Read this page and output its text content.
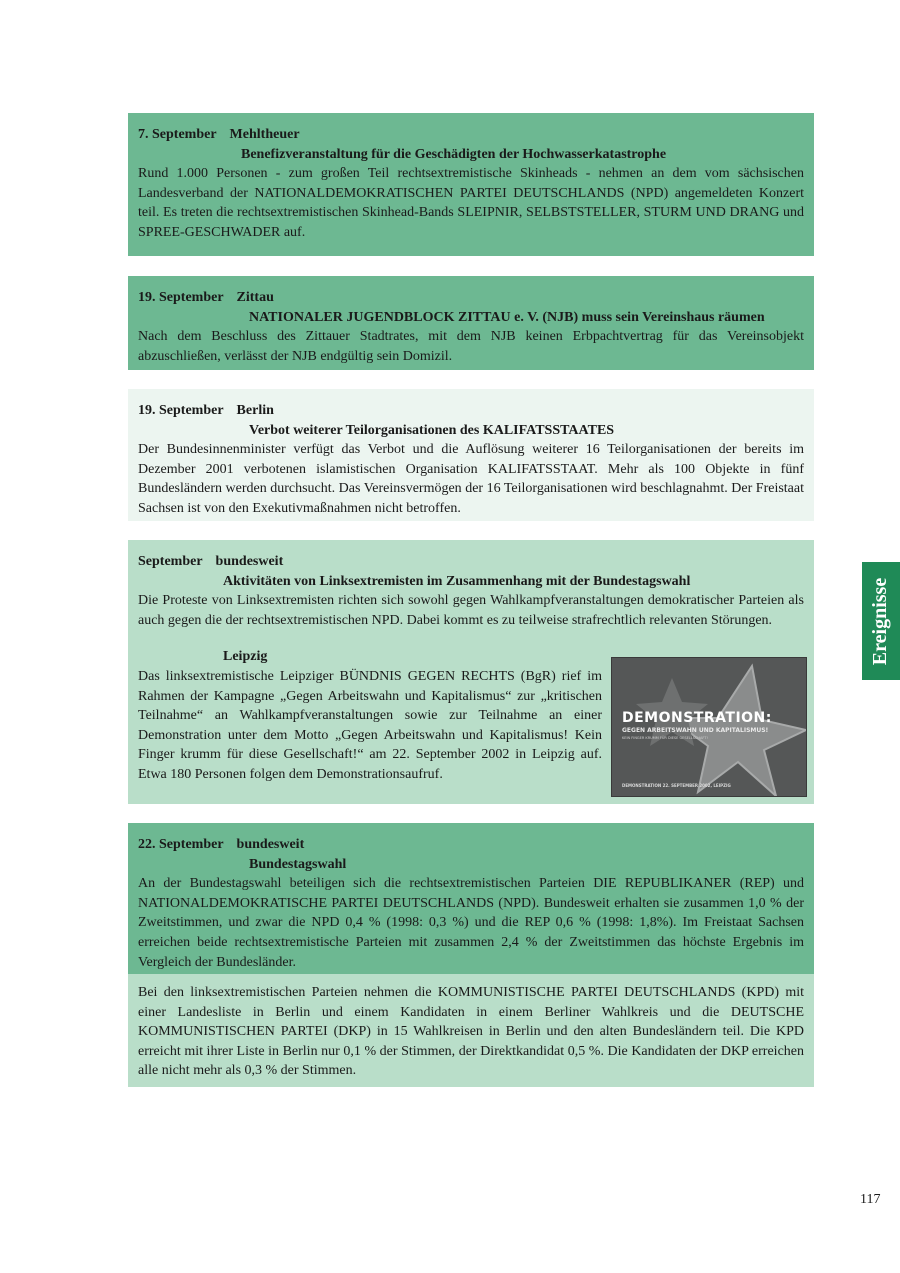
7. September Mehltheuer
Benefizveranstaltung für die Geschädigten der Hochwasserkatastrophe

Rund 1.000 Personen - zum großen Teil rechtsextremistische Skinheads - nehmen an dem vom sächsischen Landesverband der NATIONALDEMOKRATISCHEN PARTEI DEUTSCHLANDS (NPD) angemeldeten Konzert teil. Es treten die rechtsextremistischen Skinhead-Bands SLEIPNIR, SELBSTSTELLER, STURM UND DRANG und SPREE-GESCHWADER auf.

19. September Zittau
NATIONALER JUGENDBLOCK ZITTAU e. V. (NJB) muss sein Vereinshaus räumen

Nach dem Beschluss des Zittauer Stadtrates, mit dem NJB keinen Erbpachtvertrag für das Vereinsobjekt abzuschließen, verlässt der NJB endgültig sein Domizil.

19. September Berlin
Verbot weiterer Teilorganisationen des KALIFATSSTAATES

Der Bundesinnenminister verfügt das Verbot und die Auflösung weiterer 16 Teilorganisationen der bereits im Dezember 2001 verbotenen islamistischen Organisation KALIFATSSTAAT. Mehr als 100 Objekte in fünf Bundesländern werden durchsucht. Das Vereinsvermögen der 16 Teilorganisationen wird beschlagnahmt. Der Freistaat Sachsen ist von den Exekutivmaßnahmen nicht betroffen.

September bundesweit
Aktivitäten von Linksextremisten im Zusammenhang mit der Bundestagswahl

Die Proteste von Linksextremisten richten sich sowohl gegen Wahlkampfveranstaltungen demokratischer Parteien als auch gegen die der rechtsextremistischen NPD. Dabei kommt es zu teilweise strafrechtlich relevanten Störungen.

Leipzig

Das linksextremistische Leipziger BÜNDNIS GEGEN RECHTS (BgR) rief im Rahmen der Kampagne „Gegen Arbeitswahn und Kapitalismus“ zur „kritischen Teilnahme“ an Wahlkampfveranstaltungen sowie zur Teilnahme an einer Demonstration unter dem Motto „Gegen Arbeitswahn und Kapitalismus! Kein Finger krumm für diese Gesellschaft!“ am 22. September 2002 in Leipzig auf. Etwa 180 Personen folgen dem Demonstrationsaufruf.

DEMONSTRATION:
GEGEN ARBEITSWAHN UND KAPITALISMUS!
KEIN FINGER KRUMM FÜR DIESE GESELLSCHAFT!
DEMONSTRATION 22. SEPTEMBER 2002, LEIPZIG
22. September bundesweit
Bundestagswahl

An der Bundestagswahl beteiligen sich die rechtsextremistischen Parteien DIE REPUBLIKANER (REP) und NATIONALDEMOKRATISCHE PARTEI DEUTSCHLANDS (NPD). Bundesweit erhalten sie zusammen 1,0 % der Zweitstimmen, und zwar die NPD 0,4 % (1998: 0,3 %) und die REP 0,6 % (1998: 1,8%). Im Freistaat Sachsen erreichen beide rechtsextremistische Parteien mit zusammen 2,4 % der Zweitstimmen das höchste Ergebnis im Vergleich der Bundesländer.

Bei den linksextremistischen Parteien nehmen die KOMMUNISTISCHE PARTEI DEUTSCHLANDS (KPD) mit einer Landesliste in Berlin und einem Kandidaten in einem Berliner Wahlkreis und die DEUTSCHE KOMMUNISTISCHEN PARTEI (DKP) in 15 Wahlkreisen in Berlin und den alten Bundesländern teil. Die KPD erreicht mit ihrer Liste in Berlin nur 0,1 % der Stimmen, der Direktkandidat 0,5 %. Die Kandidaten der DKP erreichen alle nicht mehr als 0,3 % der Stimmen.

Ereignisse
117
